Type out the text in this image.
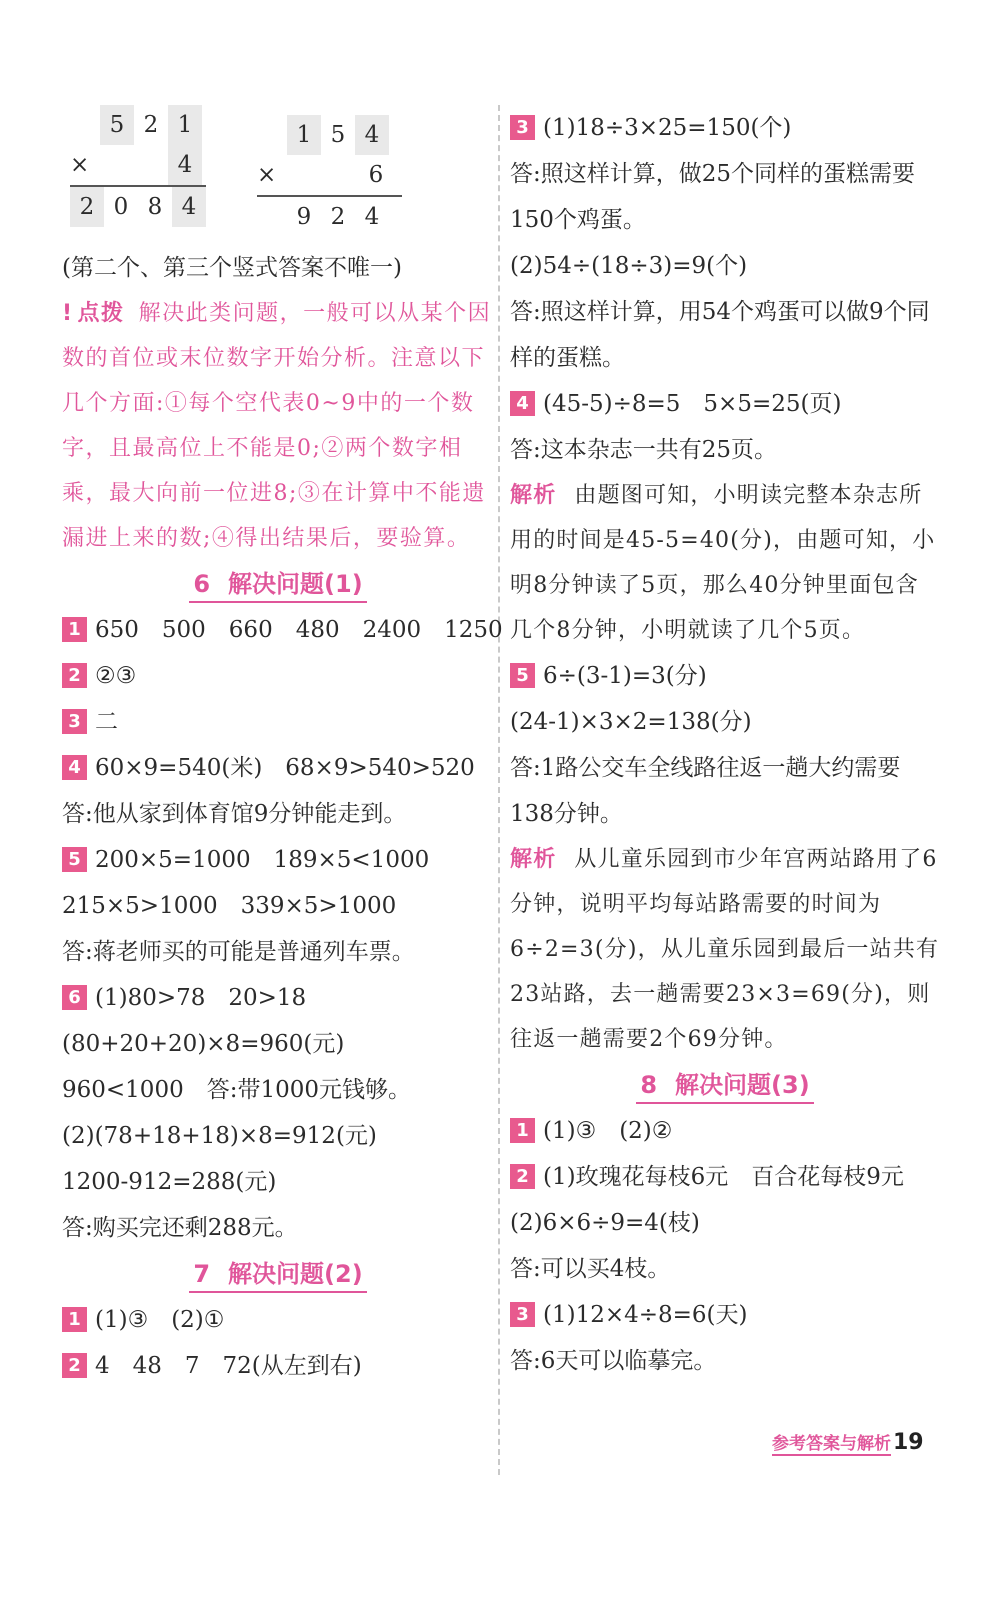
5 2 1
×	4
2 0 8 4
1 5 4
×	6
9 2 4
(第二个、第三个竖式答案不唯一)
! 点拨 解决此类问题，一般可以从某个因数的首位或末位数字开始分析。注意以下几个方面:①每个空代表0~9中的一个数字，且最高位上不能是0;②两个数字相乘，最大向前一位进8;③在计算中不能遗漏进上来的数;④得出结果后，要验算。
6 解决问题(1)
1 650　500　660　480　2400　1250
2 ②③
3 二
4 60×9=540(米)　68×9>540>520
答:他从家到体育馆9分钟能走到。
5 200×5=1000　189×5<1000
215×5>1000　339×5>1000
答:蒋老师买的可能是普通列车票。
6 (1)80>78　20>18
(80+20+20)×8=960(元)
960<1000　答:带1000元钱够。
(2)(78+18+18)×8=912(元)
1200-912=288(元)
答:购买完还剩288元。
7 解决问题(2)
1 (1)③　(2)①
2 4　48　7　72(从左到右)
3 (1)18÷3×25=150(个)
答:照这样计算，做25个同样的蛋糕需要150个鸡蛋。
(2)54÷(18÷3)=9(个)
答:照这样计算，用54个鸡蛋可以做9个同样的蛋糕。
4 (45-5)÷8=5　5×5=25(页)
答:这本杂志一共有25页。
解析 由题图可知，小明读完整本杂志所用的时间是45-5=40(分)，由题可知，小明8分钟读了5页，那么40分钟里面包含几个8分钟，小明就读了几个5页。
5 6÷(3-1)=3(分)
(24-1)×3×2=138(分)
答:1路公交车全线路往返一趟大约需要138分钟。
解析 从儿童乐园到市少年宫两站路用了6分钟，说明平均每站路需要的时间为6÷2=3(分)，从儿童乐园到最后一站共有23站路，去一趟需要23×3=69(分)，则往返一趟需要2个69分钟。
8 解决问题(3)
1 (1)③　(2)②
2 (1)玫瑰花每枝6元　百合花每枝9元
(2)6×6÷9=4(枝)
答:可以买4枝。
3 (1)12×4÷8=6(天)
答:6天可以临摹完。
参考答案与解析19
